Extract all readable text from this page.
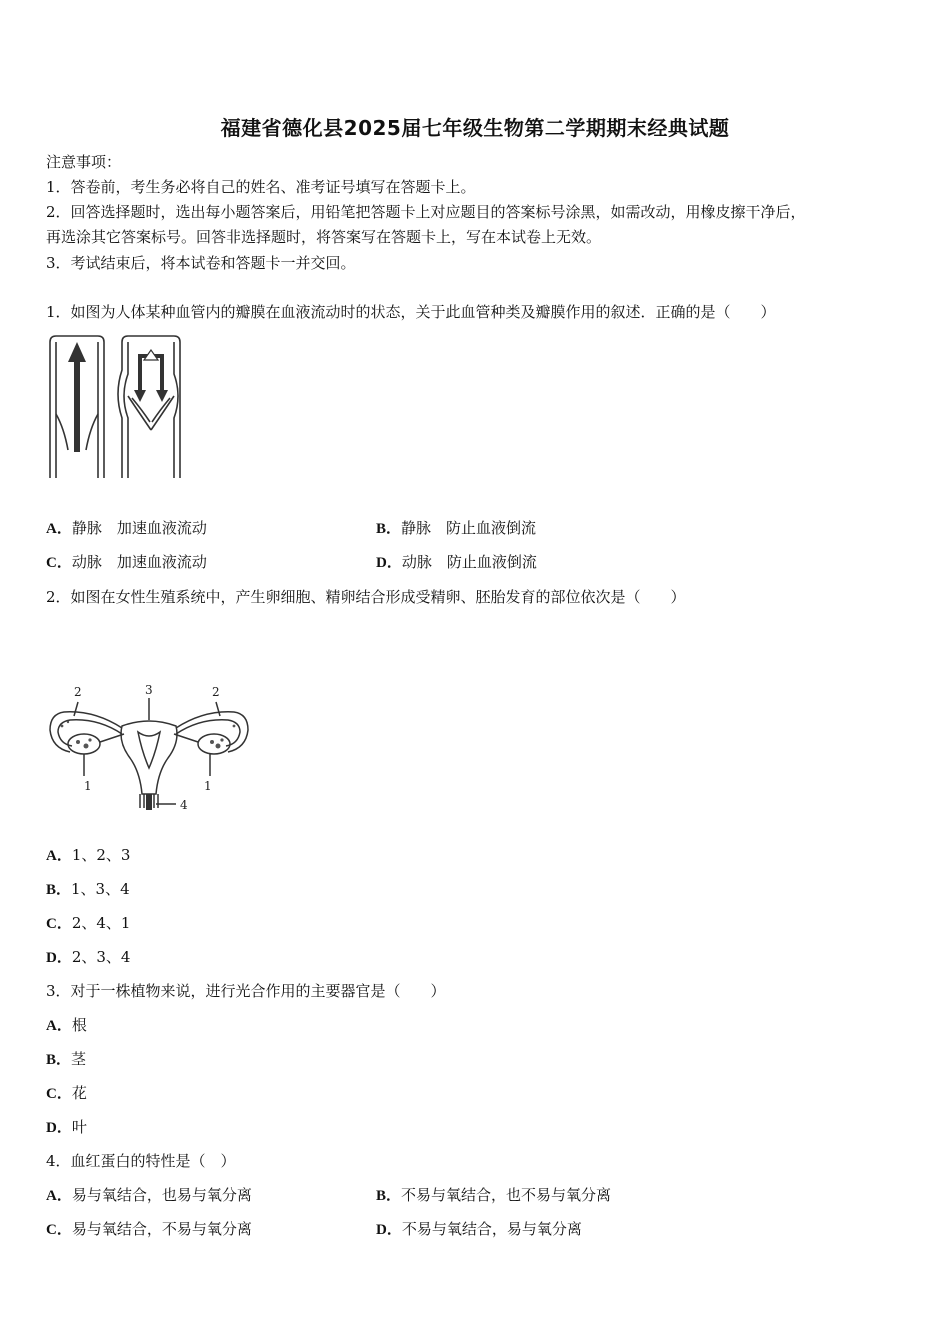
福建省德化县2025届七年级生物第二学期期末经典试题
注意事项：
1．答卷前，考生务必将自己的姓名、准考证号填写在答题卡上。
2．回答选择题时，选出每小题答案后，用铅笔把答题卡上对应题目的答案标号涂黑，如需改动，用橡皮擦干净后，
再选涂其它答案标号。回答非选择题时，将答案写在答题卡上，写在本试卷上无效。
3．考试结束后，将本试卷和答题卡一并交回。
1．如图为人体某种血管内的瓣膜在血液流动时的状态，关于此血管种类及瓣膜作用的叙述．正确的是（　　）
A．静脉　加速血液流动	B．静脉　防止血液倒流
C．动脉　加速血液流动	D．动脉　防止血液倒流
2．如图在女性生殖系统中，产生卵细胞、精卵结合形成受精卵、胚胎发育的部位依次是（　　）
2	3	2
1	1
4
A．1、2、3
B．1、3、4
C．2、4、1
D．2、3、4
3．对于一株植物来说，进行光合作用的主要器官是（　　）
A．根
B．茎
C．花
D．叶
4．血红蛋白的特性是（　）
A．易与氧结合，也易与氧分离	B．不易与氧结合，也不易与氧分离
C．易与氧结合，不易与氧分离	D．不易与氧结合，易与氧分离
